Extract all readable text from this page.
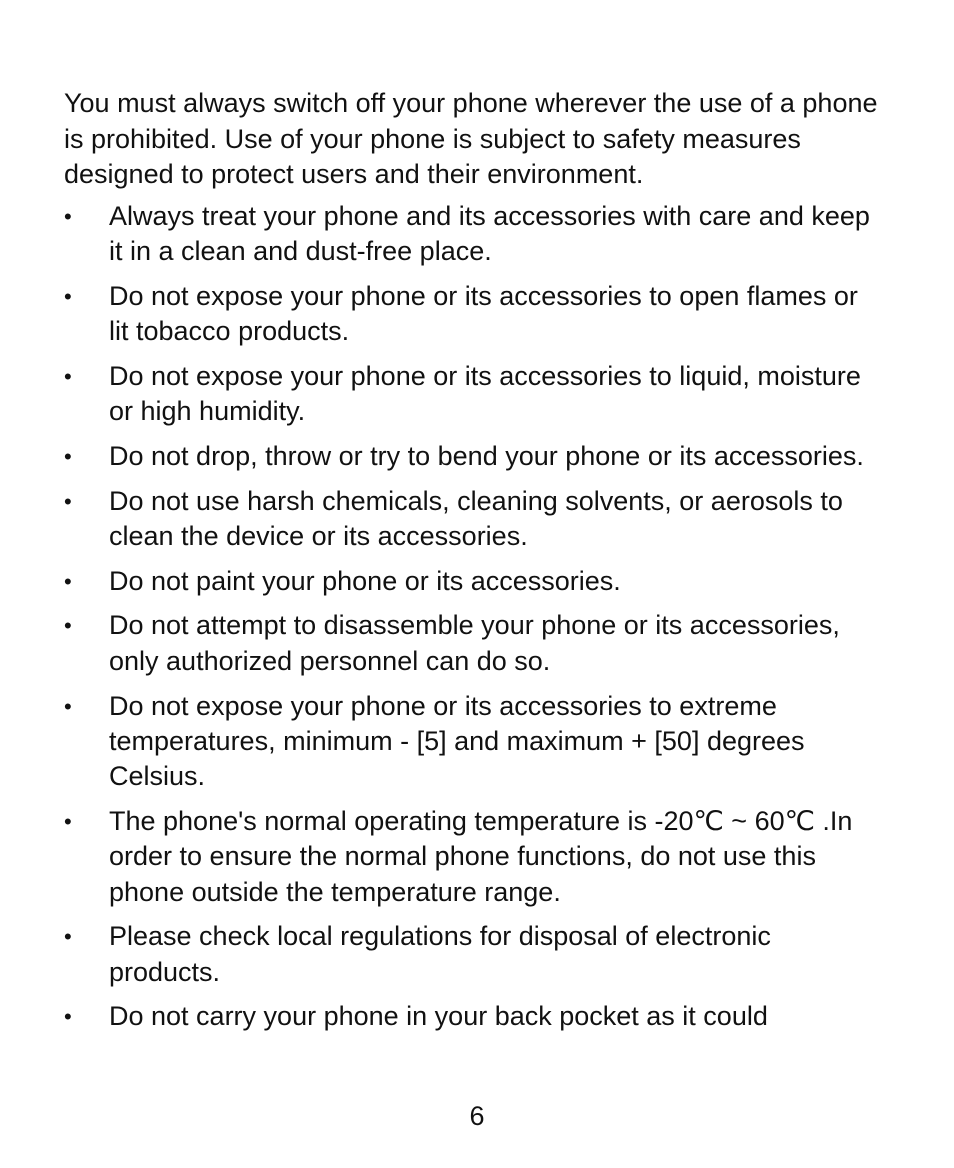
You must always switch off your phone wherever the use of a phone is prohibited. Use of your phone is subject to safety measures designed to protect users and their environment.

• Always treat your phone and its accessories with care and keep it in a clean and dust-free place.
• Do not expose your phone or its accessories to open flames or lit tobacco products.
• Do not expose your phone or its accessories to liquid, moisture or high humidity.
• Do not drop, throw or try to bend your phone or its accessories.
• Do not use harsh chemicals, cleaning solvents, or aerosols to clean the device or its accessories.
• Do not paint your phone or its accessories.
• Do not attempt to disassemble your phone or its accessories, only authorized personnel can do so.
• Do not expose your phone or its accessories to extreme temperatures, minimum - [5] and maximum + [50] degrees Celsius.
• The phone's normal operating temperature is -20℃ ~ 60℃ .In order to ensure the normal phone functions, do not use this phone outside the temperature range.
• Please check local regulations for disposal of electronic products.
• Do not carry your phone in your back pocket as it could
6
